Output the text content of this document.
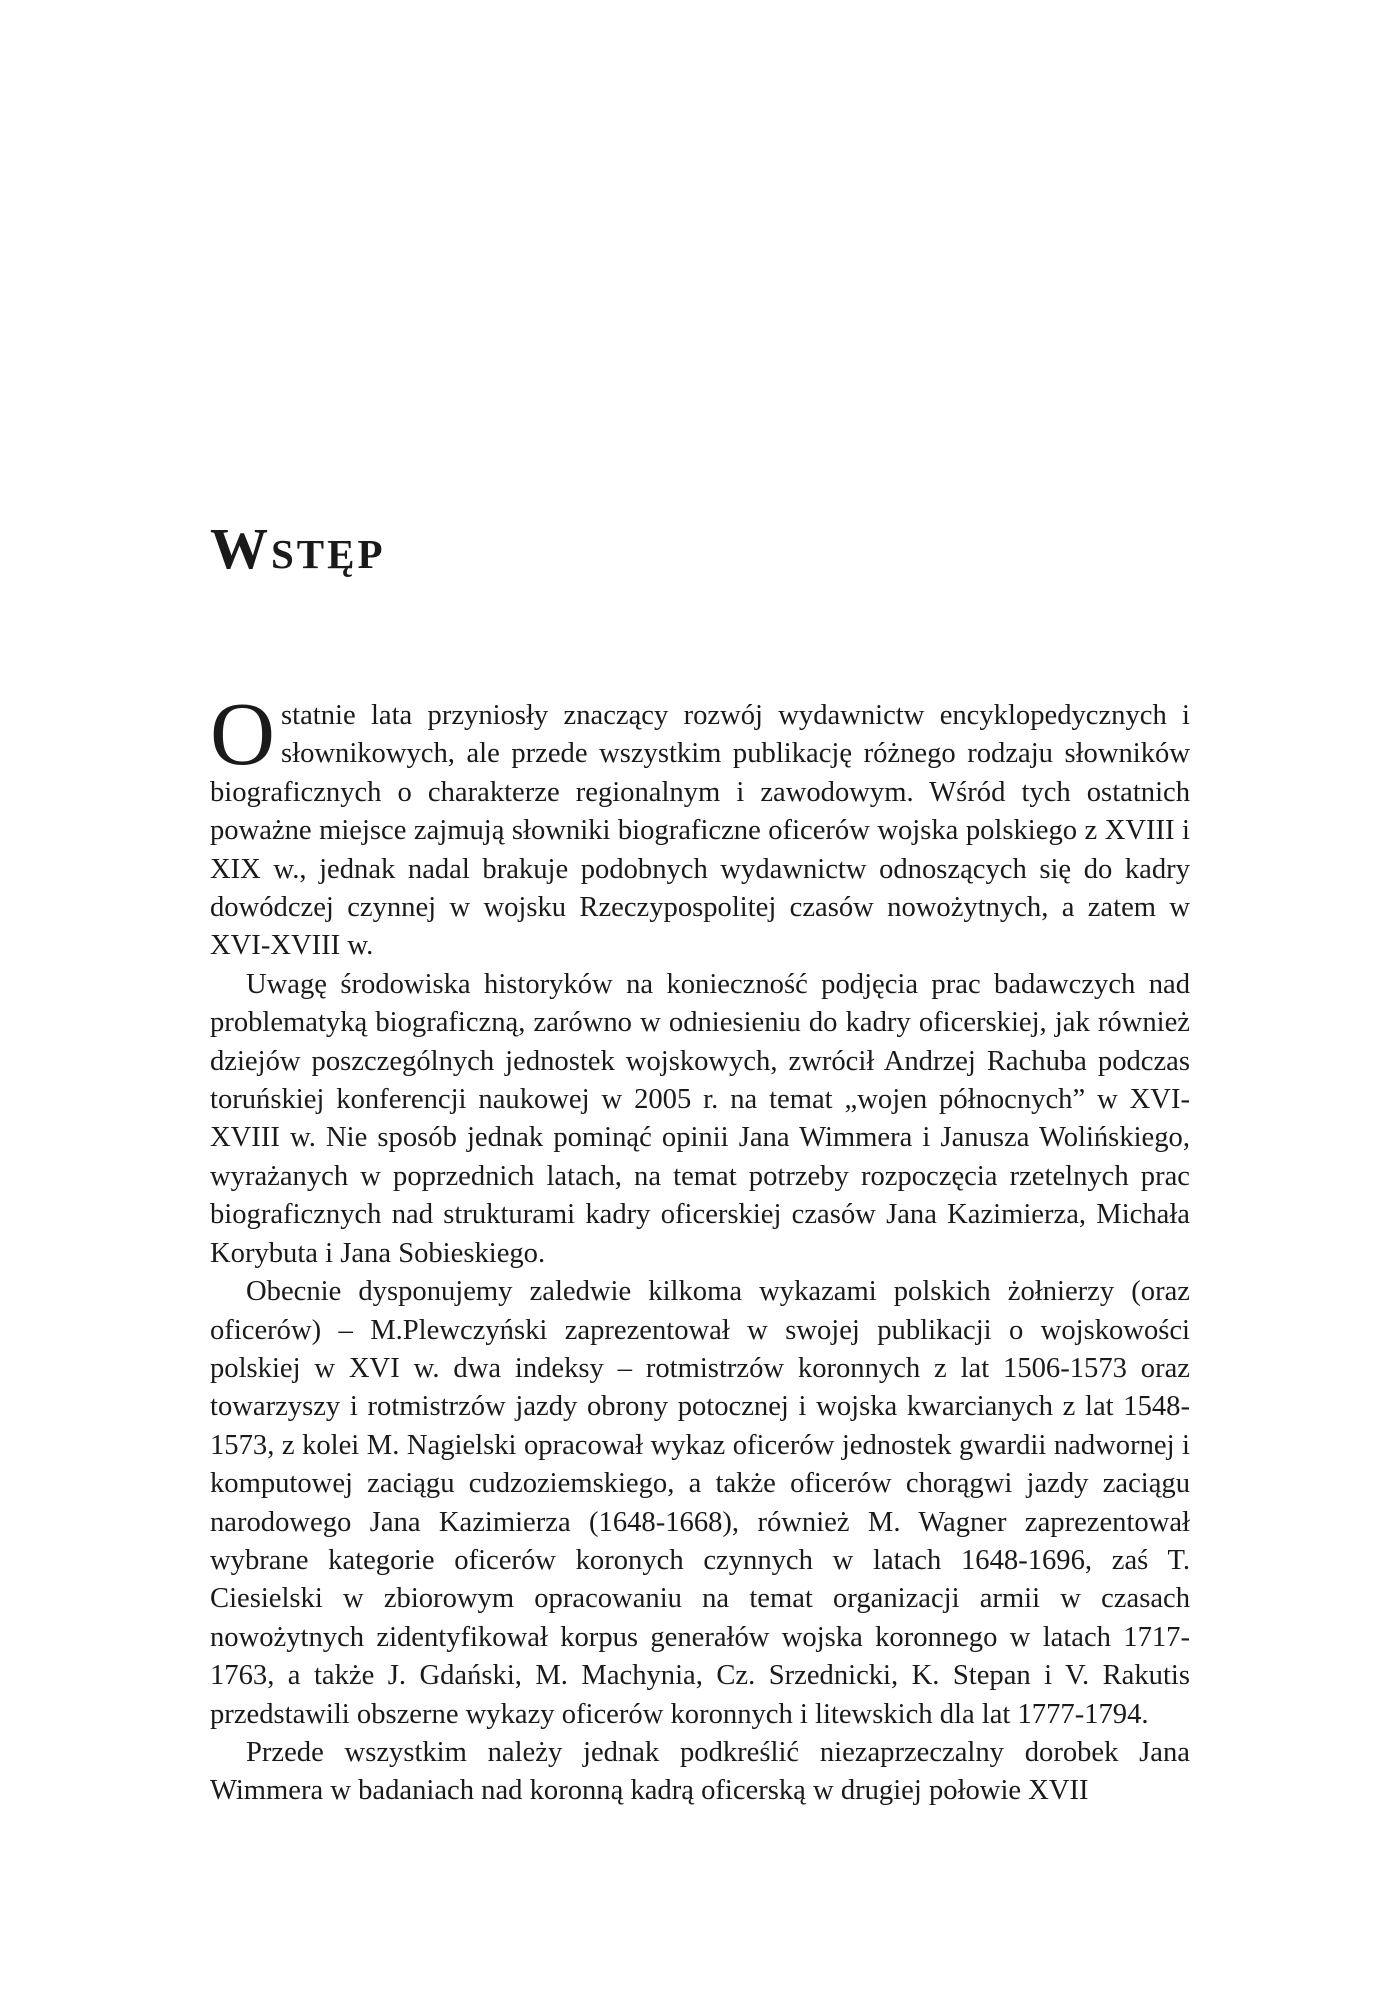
Wstęp

O statnie lata przyniosły znaczący rozwój wydawnictw encyklopedycznych i słownikowych, ale przede wszystkim publikację różnego rodzaju słowników biograficznych o charakterze regionalnym i zawodowym. Wśród tych ostatnich poważne miejsce zajmują słowniki biograficzne oficerów wojska polskiego z XVIII i XIX w., jednak nadal brakuje podobnych wydawnictw odnoszących się do kadry dowódczej czynnej w wojsku Rzeczypospolitej czasów nowożytnych, a zatem w XVI-XVIII w.

Uwagę środowiska historyków na konieczność podjęcia prac badawczych nad problematyką biograficzną, zarówno w odniesieniu do kadry oficerskiej, jak również dziejów poszczególnych jednostek wojskowych, zwrócił Andrzej Rachuba podczas toruńskiej konferencji naukowej w 2005 r. na temat „wojen północnych” w XVI-XVIII w. Nie sposób jednak pominąć opinii Jana Wimmera i Janusza Wolińskiego, wyrażanych w poprzednich latach, na temat potrzeby rozpoczęcia rzetelnych prac biograficznych nad strukturami kadry oficerskiej czasów Jana Kazimierza, Michała Korybuta i Jana Sobieskiego.

Obecnie dysponujemy zaledwie kilkoma wykazami polskich żołnierzy (oraz oficerów) – M.Plewczyński zaprezentował w swojej publikacji o wojskowości polskiej w XVI w. dwa indeksy – rotmistrzów koronnych z lat 1506-1573 oraz towarzyszy i rotmistrzów jazdy obrony potocznej i wojska kwarcianych z lat 1548-1573, z kolei M. Nagielski opracował wykaz oficerów jednostek gwardii nadwornej i komputowej zaciągu cudzoziemskiego, a także oficerów chorągwi jazdy zaciągu narodowego Jana Kazimierza (1648-1668), również M. Wagner zaprezentował wybrane kategorie oficerów koronych czynnych w latach 1648-1696, zaś T. Ciesielski w zbiorowym opracowaniu na temat organizacji armii w czasach nowożytnych zidentyfikował korpus generałów wojska koronnego w latach 1717-1763, a także J. Gdański, M. Machynia, Cz. Srzednicki, K. Stepan i V. Rakutis przedstawili obszerne wykazy oficerów koronnych i litewskich dla lat 1777-1794.

Przede wszystkim należy jednak podkreślić niezaprzeczalny dorobek Jana Wimmera w badaniach nad koronną kadrą oficerską w drugiej połowie XVII
